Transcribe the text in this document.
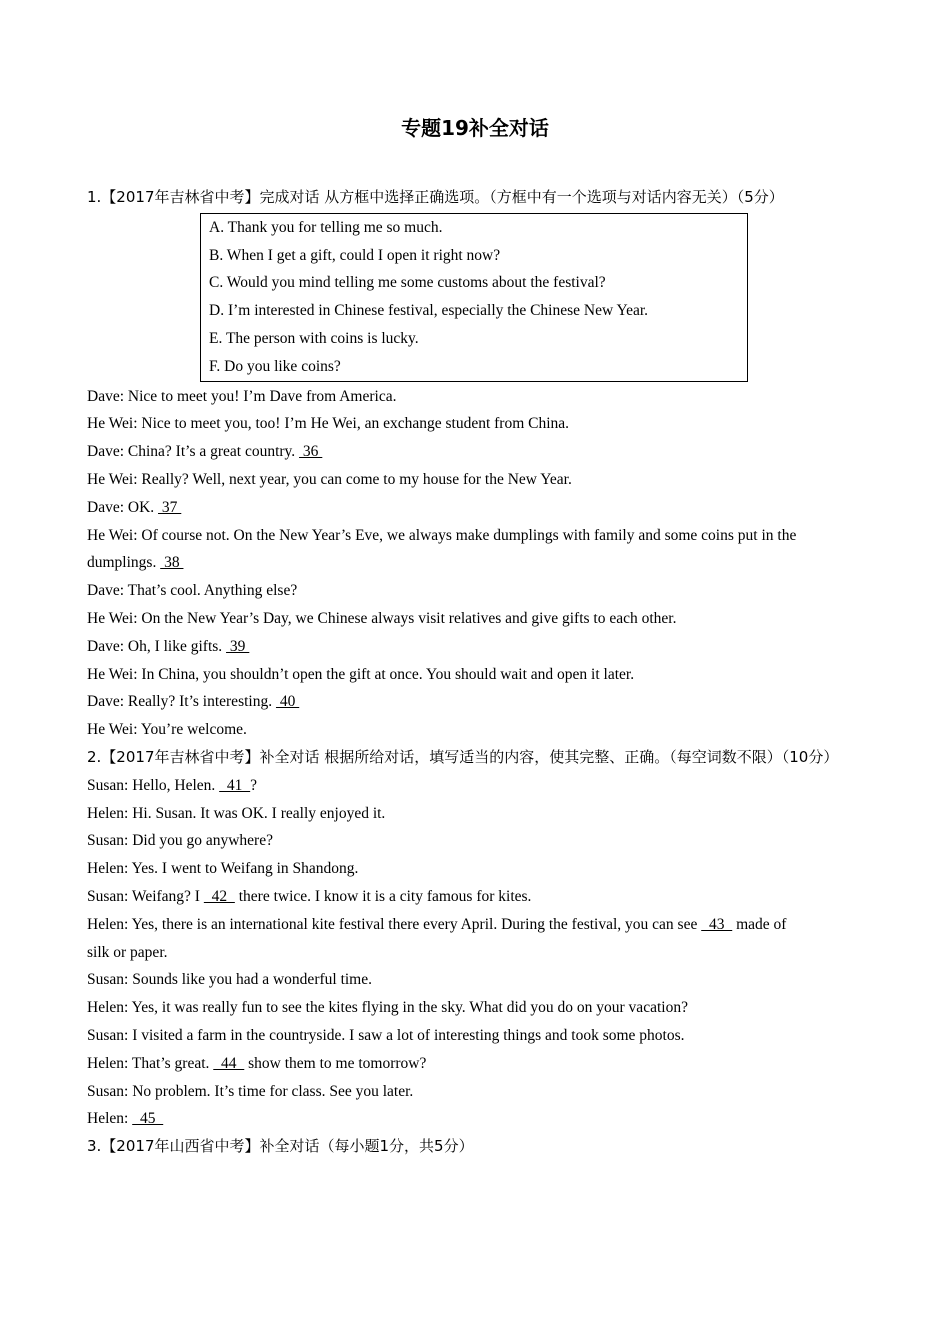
专题19补全对话
1.【2017年吉林省中考】完成对话 从方框中选择正确选项。（方框中有一个选项与对话内容无关）（5分）
A. Thank you for telling me so much.
B. When I get a gift, could I open it right now?
C. Would you mind telling me some customs about the festival?
D. I’m interested in Chinese festival, especially the Chinese New Year.
E. The person with coins is lucky.
F. Do you like coins?
Dave: Nice to meet you! I’m Dave from America.
He Wei: Nice to meet you, too! I’m He Wei, an exchange student from China.
Dave: China? It’s a great country.  36
He Wei: Really? Well, next year, you can come to my house for the New Year.
Dave: OK.  37
He Wei: Of course not. On the New Year’s Eve, we always make dumplings with family and some coins put in the
dumplings.  38
Dave: That’s cool. Anything else?
He Wei: On the New Year’s Day, we Chinese always visit relatives and give gifts to each other.
Dave: Oh, I like gifts.  39
He Wei: In China, you shouldn’t open the gift at once. You should wait and open it later.
Dave: Really? It’s interesting.  40
He Wei: You’re welcome.
2.【2017年吉林省中考】补全对话 根据所给对话，填写适当的内容，使其完整、正确。（每空词数不限）（10分）
Susan: Hello, Helen.   41  ?
Helen: Hi. Susan. It was OK. I really enjoyed it.
Susan: Did you go anywhere?
Helen: Yes. I went to Weifang in Shandong.
Susan: Weifang? I   42   there twice. I know it is a city famous for kites.
Helen: Yes, there is an international kite festival there every April. During the festival, you can see   43   made of
silk or paper.
Susan: Sounds like you had a wonderful time.
Helen: Yes, it was really fun to see the kites flying in the sky. What did you do on your vacation?
Susan: I visited a farm in the countryside. I saw a lot of interesting things and took some photos.
Helen: That’s great.   44   show them to me tomorrow?
Susan: No problem. It’s time for class. See you later.
Helen:   45
3.【2017年山西省中考】补全对话（每小题1分，共5分）
